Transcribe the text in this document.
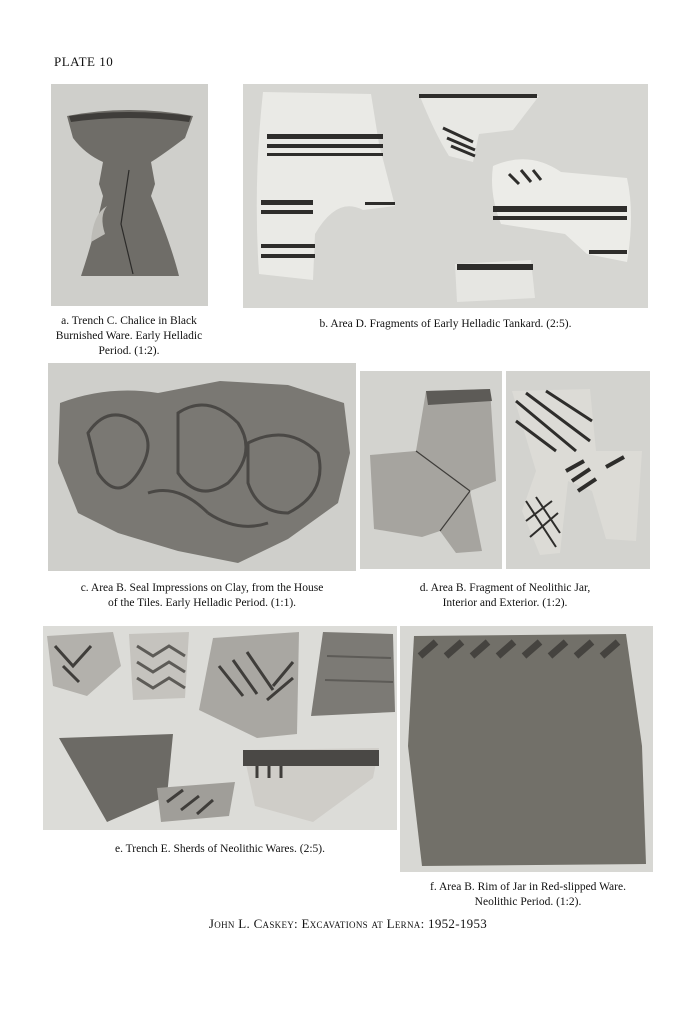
PLATE 10
a. Trench C. Chalice in Black Burnished Ware. Early Helladic Period. (1:2).
b. Area D. Fragments of Early Helladic Tankard. (2:5).
c. Area B. Seal Impressions on Clay, from the House
of the Tiles. Early Helladic Period. (1:1).
d. Area B. Fragment of Neolithic Jar,
Interior and Exterior. (1:2).
e. Trench E. Sherds of Neolithic Wares. (2:5).
f. Area B. Rim of Jar in Red-slipped Ware.
Neolithic Period. (1:2).
John L. Caskey: Excavations at Lerna: 1952-1953
